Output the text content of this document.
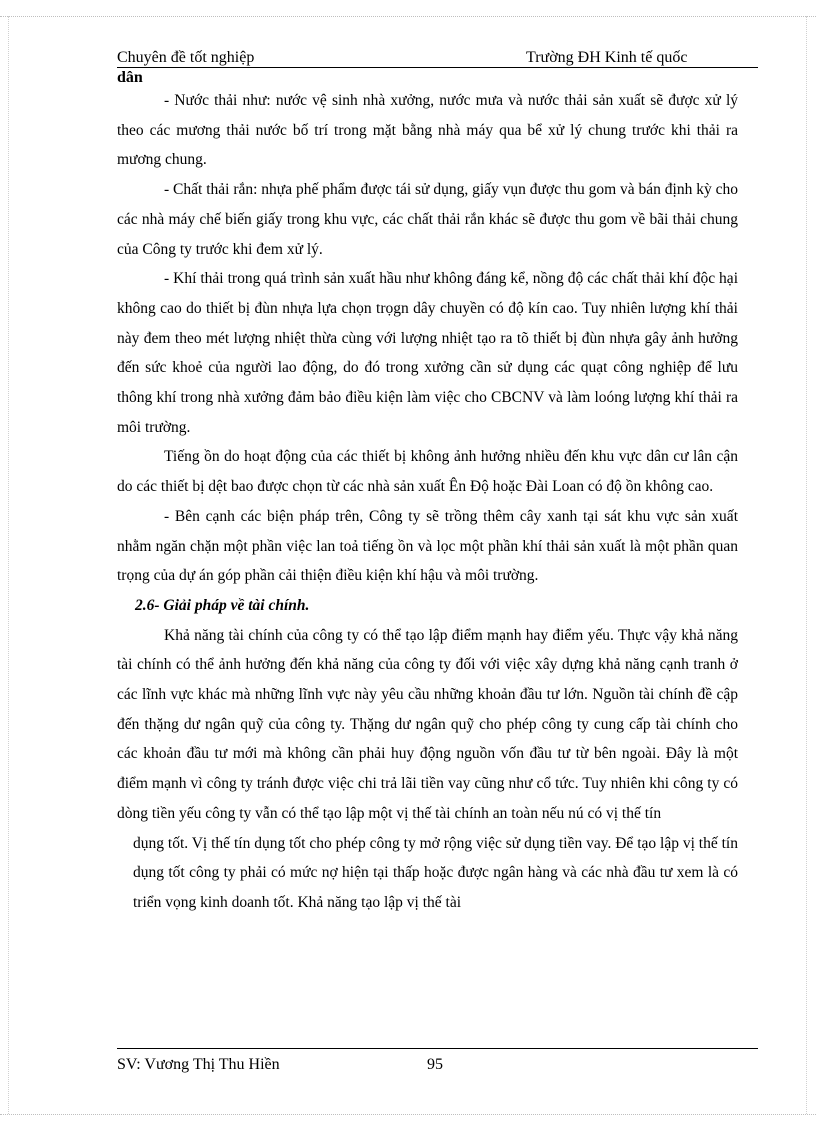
Chuyên đề tốt nghiệp	Trường ĐH Kinh tế quốc
dân

- Nước thải như: nước vệ sinh nhà xưởng, nước mưa và nước thải sản xuất sẽ được xử lý theo các mương thải nước bố trí trong mặt bằng nhà máy qua bể xử lý chung trước khi thải ra mương chung.

- Chất thải rắn: nhựa phế phẩm được tái sử dụng, giấy vụn được thu gom và bán định kỳ cho các nhà máy chế biến giấy trong khu vực, các chất thải rắn khác sẽ được thu gom về bãi thải chung của Công ty trước khi đem xử lý.

- Khí thải trong quá trình sản xuất hầu như không đáng kể, nồng độ các chất thải khí độc hại không cao do thiết bị đùn nhựa lựa chọn trọgn dây chuyền có độ kín cao. Tuy nhiên lượng khí thải này đem theo mét lượng nhiệt thừa cùng với lượng nhiệt tạo ra tõ thiết bị đùn nhựa gây ảnh hưởng đến sức khoẻ của người lao động, do đó trong xưởng cần sử dụng các quạt công nghiệp để lưu thông khí trong nhà xưởng đảm bảo điều kiện làm việc cho CBCNV và làm loóng lượng khí thải ra môi trường.

Tiếng ồn do hoạt động của các thiết bị không ảnh hưởng nhiều đến khu vực dân cư lân cận do các thiết bị dệt bao được chọn từ các nhà sản xuất Ên Độ hoặc Đài Loan có độ ồn không cao.

- Bên cạnh các biện pháp trên, Công ty sẽ trồng thêm cây xanh tại sát khu vực sản xuất nhằm ngăn chặn một phần việc lan toả tiếng ồn và lọc một phần khí thải sản xuất là một phần quan trọng của dự án góp phần cải thiện điều kiện khí hậu và môi trường.

2.6- Giải pháp về tài chính.

Khả năng tài chính của công ty có thể tạo lập điểm mạnh hay điểm yếu. Thực vậy khả năng tài chính có thể ảnh hưởng đến khả năng của công ty đối với việc xây dựng khả năng cạnh tranh ở các lĩnh vực khác mà những lĩnh vực này yêu cầu những khoản đầu tư lớn. Nguồn tài chính đề cập đến thặng dư ngân quỹ của công ty. Thặng dư ngân quỹ cho phép công ty cung cấp tài chính cho các khoản đầu tư mới mà không cần phải huy động nguồn vốn đầu tư từ bên ngoài. Đây là một điểm mạnh vì công ty tránh được việc chi trả lãi tiền vay cũng như cổ tức. Tuy nhiên khi công ty có dòng tiền yếu công ty vẫn có thể tạo lập một vị thế tài chính an toàn nếu nú có vị thế tín

dụng tốt. Vị thế tín dụng tốt cho phép công ty mở rộng việc sử dụng tiền vay. Để tạo lập vị thế tín dụng tốt công ty phải có mức nợ hiện tại thấp hoặc được ngân hàng và các nhà đầu tư xem là có triển vọng kinh doanh tốt. Khả năng tạo lập vị thế tài

SV: Vương Thị Thu Hiền	95
